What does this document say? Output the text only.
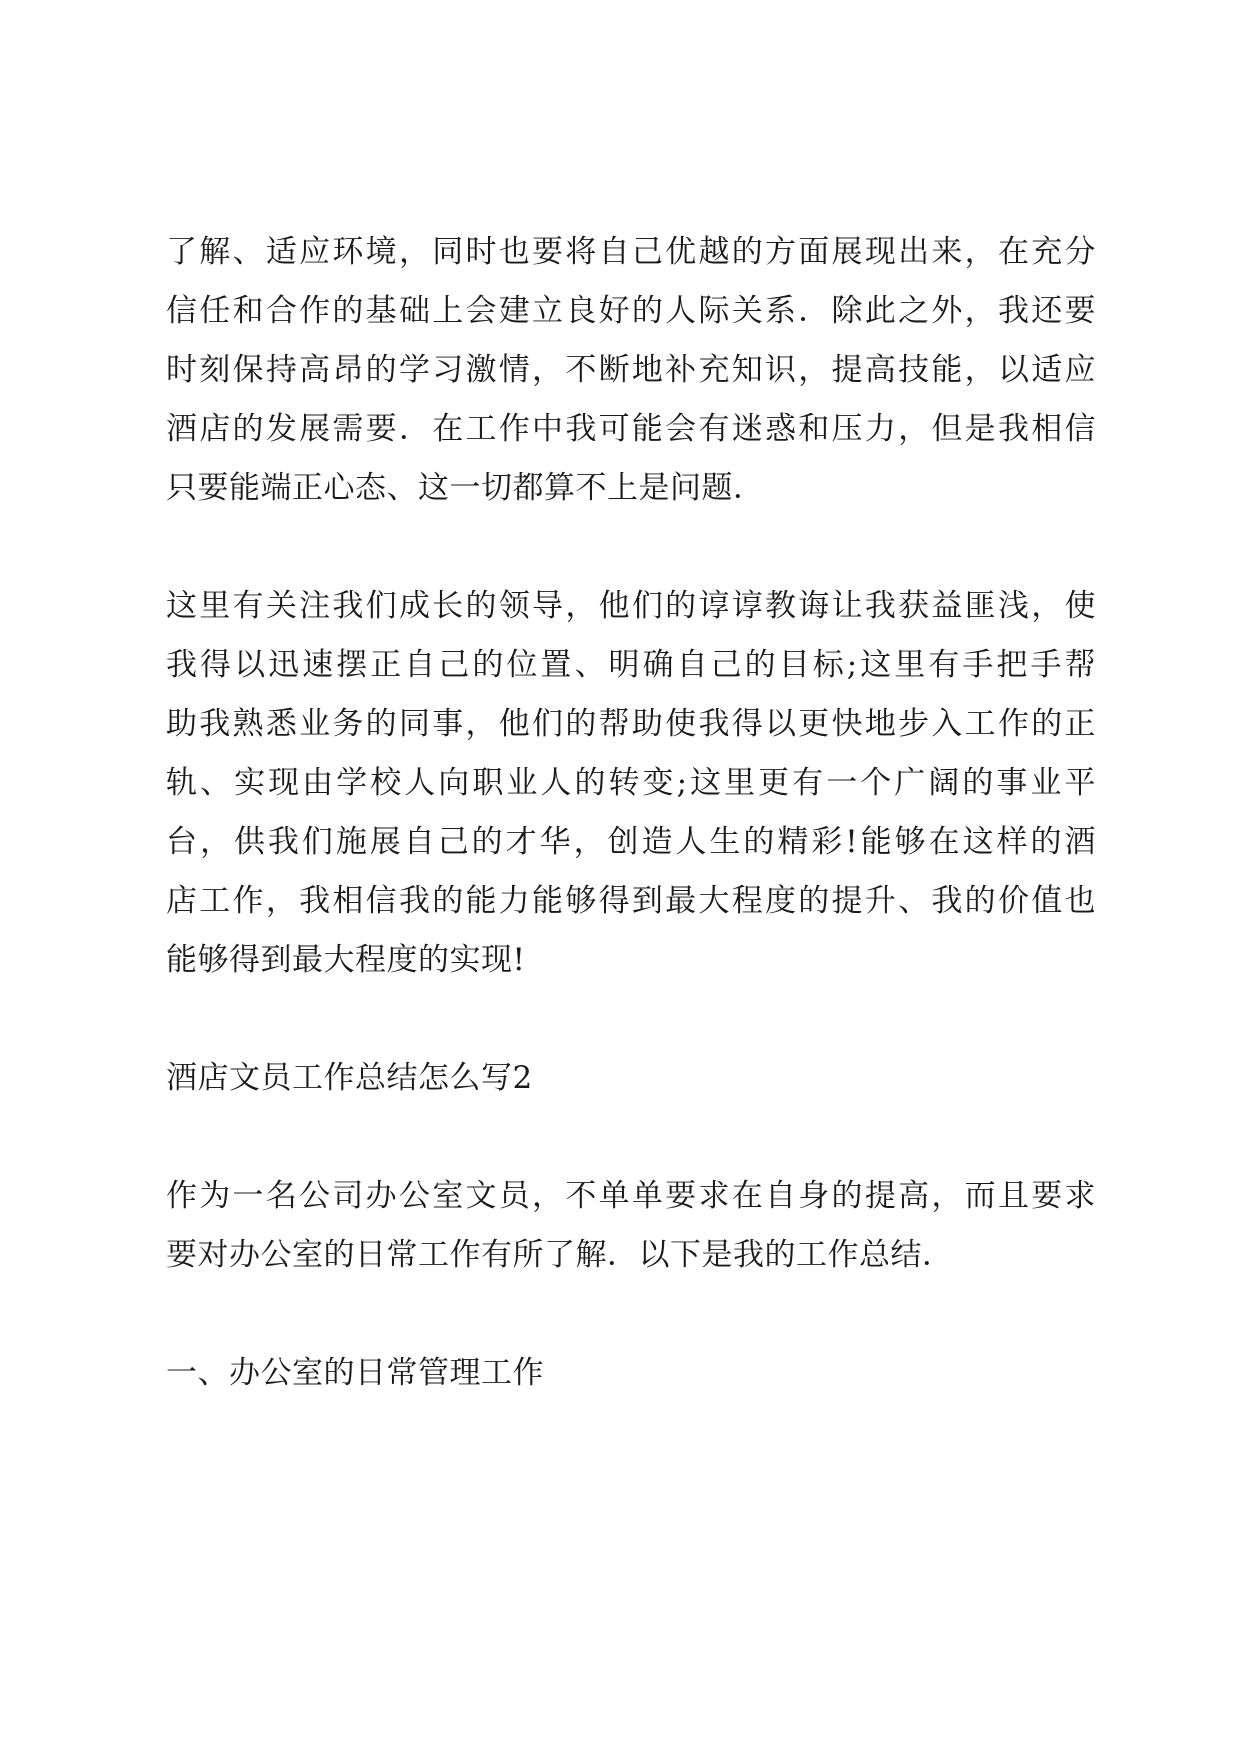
了解、适应环境，同时也要将自己优越的方面展现出来，在充分

信任和合作的基础上会建立良好的人际关系．除此之外，我还要

时刻保持高昂的学习激情，不断地补充知识，提高技能，以适应

酒店的发展需要．在工作中我可能会有迷惑和压力，但是我相信

只要能端正心态、这一切都算不上是问题．

这里有关注我们成长的领导，他们的谆谆教诲让我获益匪浅，使

我得以迅速摆正自己的位置、明确自己的目标;这里有手把手帮

助我熟悉业务的同事，他们的帮助使我得以更快地步入工作的正

轨、实现由学校人向职业人的转变;这里更有一个广阔的事业平

台，供我们施展自己的才华，创造人生的精彩!能够在这样的酒

店工作，我相信我的能力能够得到最大程度的提升、我的价值也

能够得到最大程度的实现!

酒店文员工作总结怎么写2

作为一名公司办公室文员，不单单要求在自身的提高，而且要求

要对办公室的日常工作有所了解．以下是我的工作总结．

一、办公室的日常管理工作
